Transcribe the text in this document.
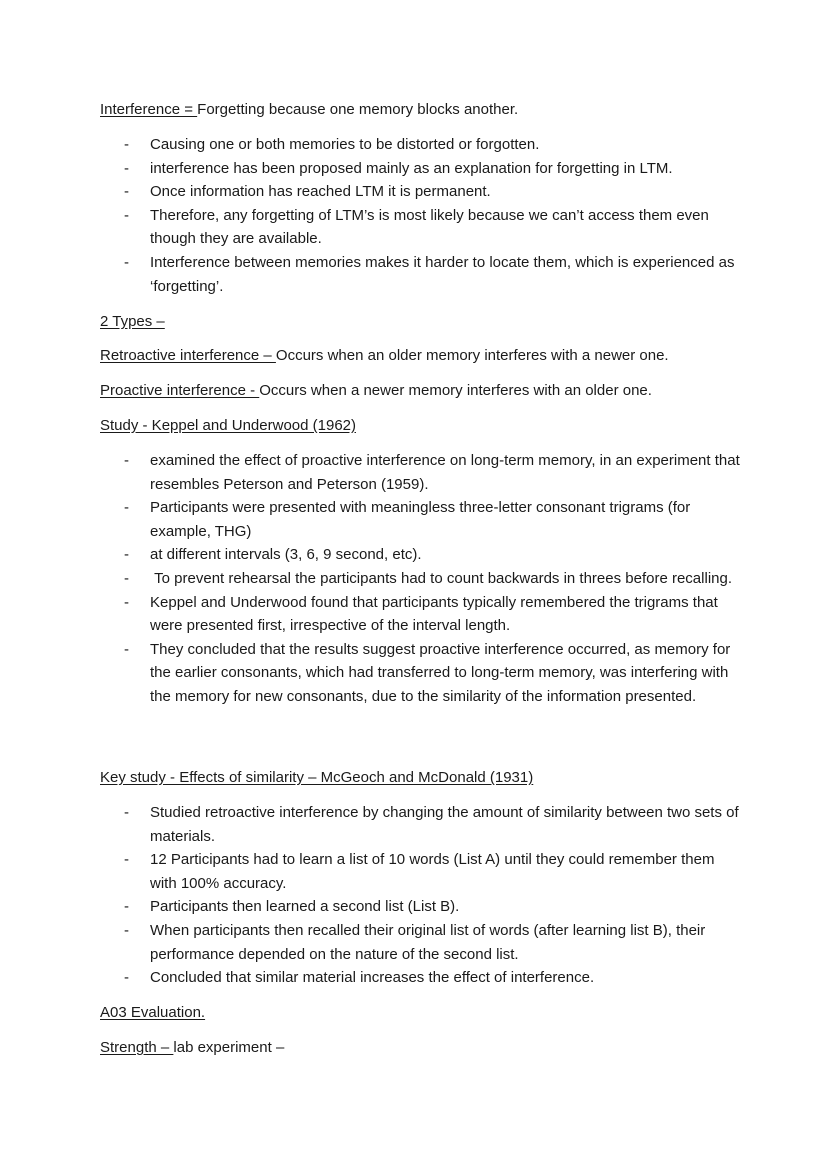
Interference = Forgetting because one memory blocks another.

- Causing one or both memories to be distorted or forgotten.
- interference has been proposed mainly as an explanation for forgetting in LTM.
- Once information has reached LTM it is permanent.
- Therefore, any forgetting of LTM’s is most likely because we can’t access them even though they are available.
- Interference between memories makes it harder to locate them, which is experienced as ‘forgetting’.

2 Types –

Retroactive interference – Occurs when an older memory interferes with a newer one.

Proactive interference - Occurs when a newer memory interferes with an older one.

Study - Keppel and Underwood (1962)

- examined the effect of proactive interference on long-term memory, in an experiment that resembles Peterson and Peterson (1959).
- Participants were presented with meaningless three-letter consonant trigrams (for example, THG)
- at different intervals (3, 6, 9 second, etc).
- To prevent rehearsal the participants had to count backwards in threes before recalling.
- Keppel and Underwood found that participants typically remembered the trigrams that were presented first, irrespective of the interval length.
- They concluded that the results suggest proactive interference occurred, as memory for the earlier consonants, which had transferred to long-term memory, was interfering with the memory for new consonants, due to the similarity of the information presented.

Key study - Effects of similarity – McGeoch and McDonald (1931)

- Studied retroactive interference by changing the amount of similarity between two sets of materials.
- 12 Participants had to learn a list of 10 words (List A) until they could remember them with 100% accuracy.
- Participants then learned a second list (List B).
- When participants then recalled their original list of words (after learning list B), their performance depended on the nature of the second list.
- Concluded that similar material increases the effect of interference.

A03 Evaluation.

Strength – lab experiment –
